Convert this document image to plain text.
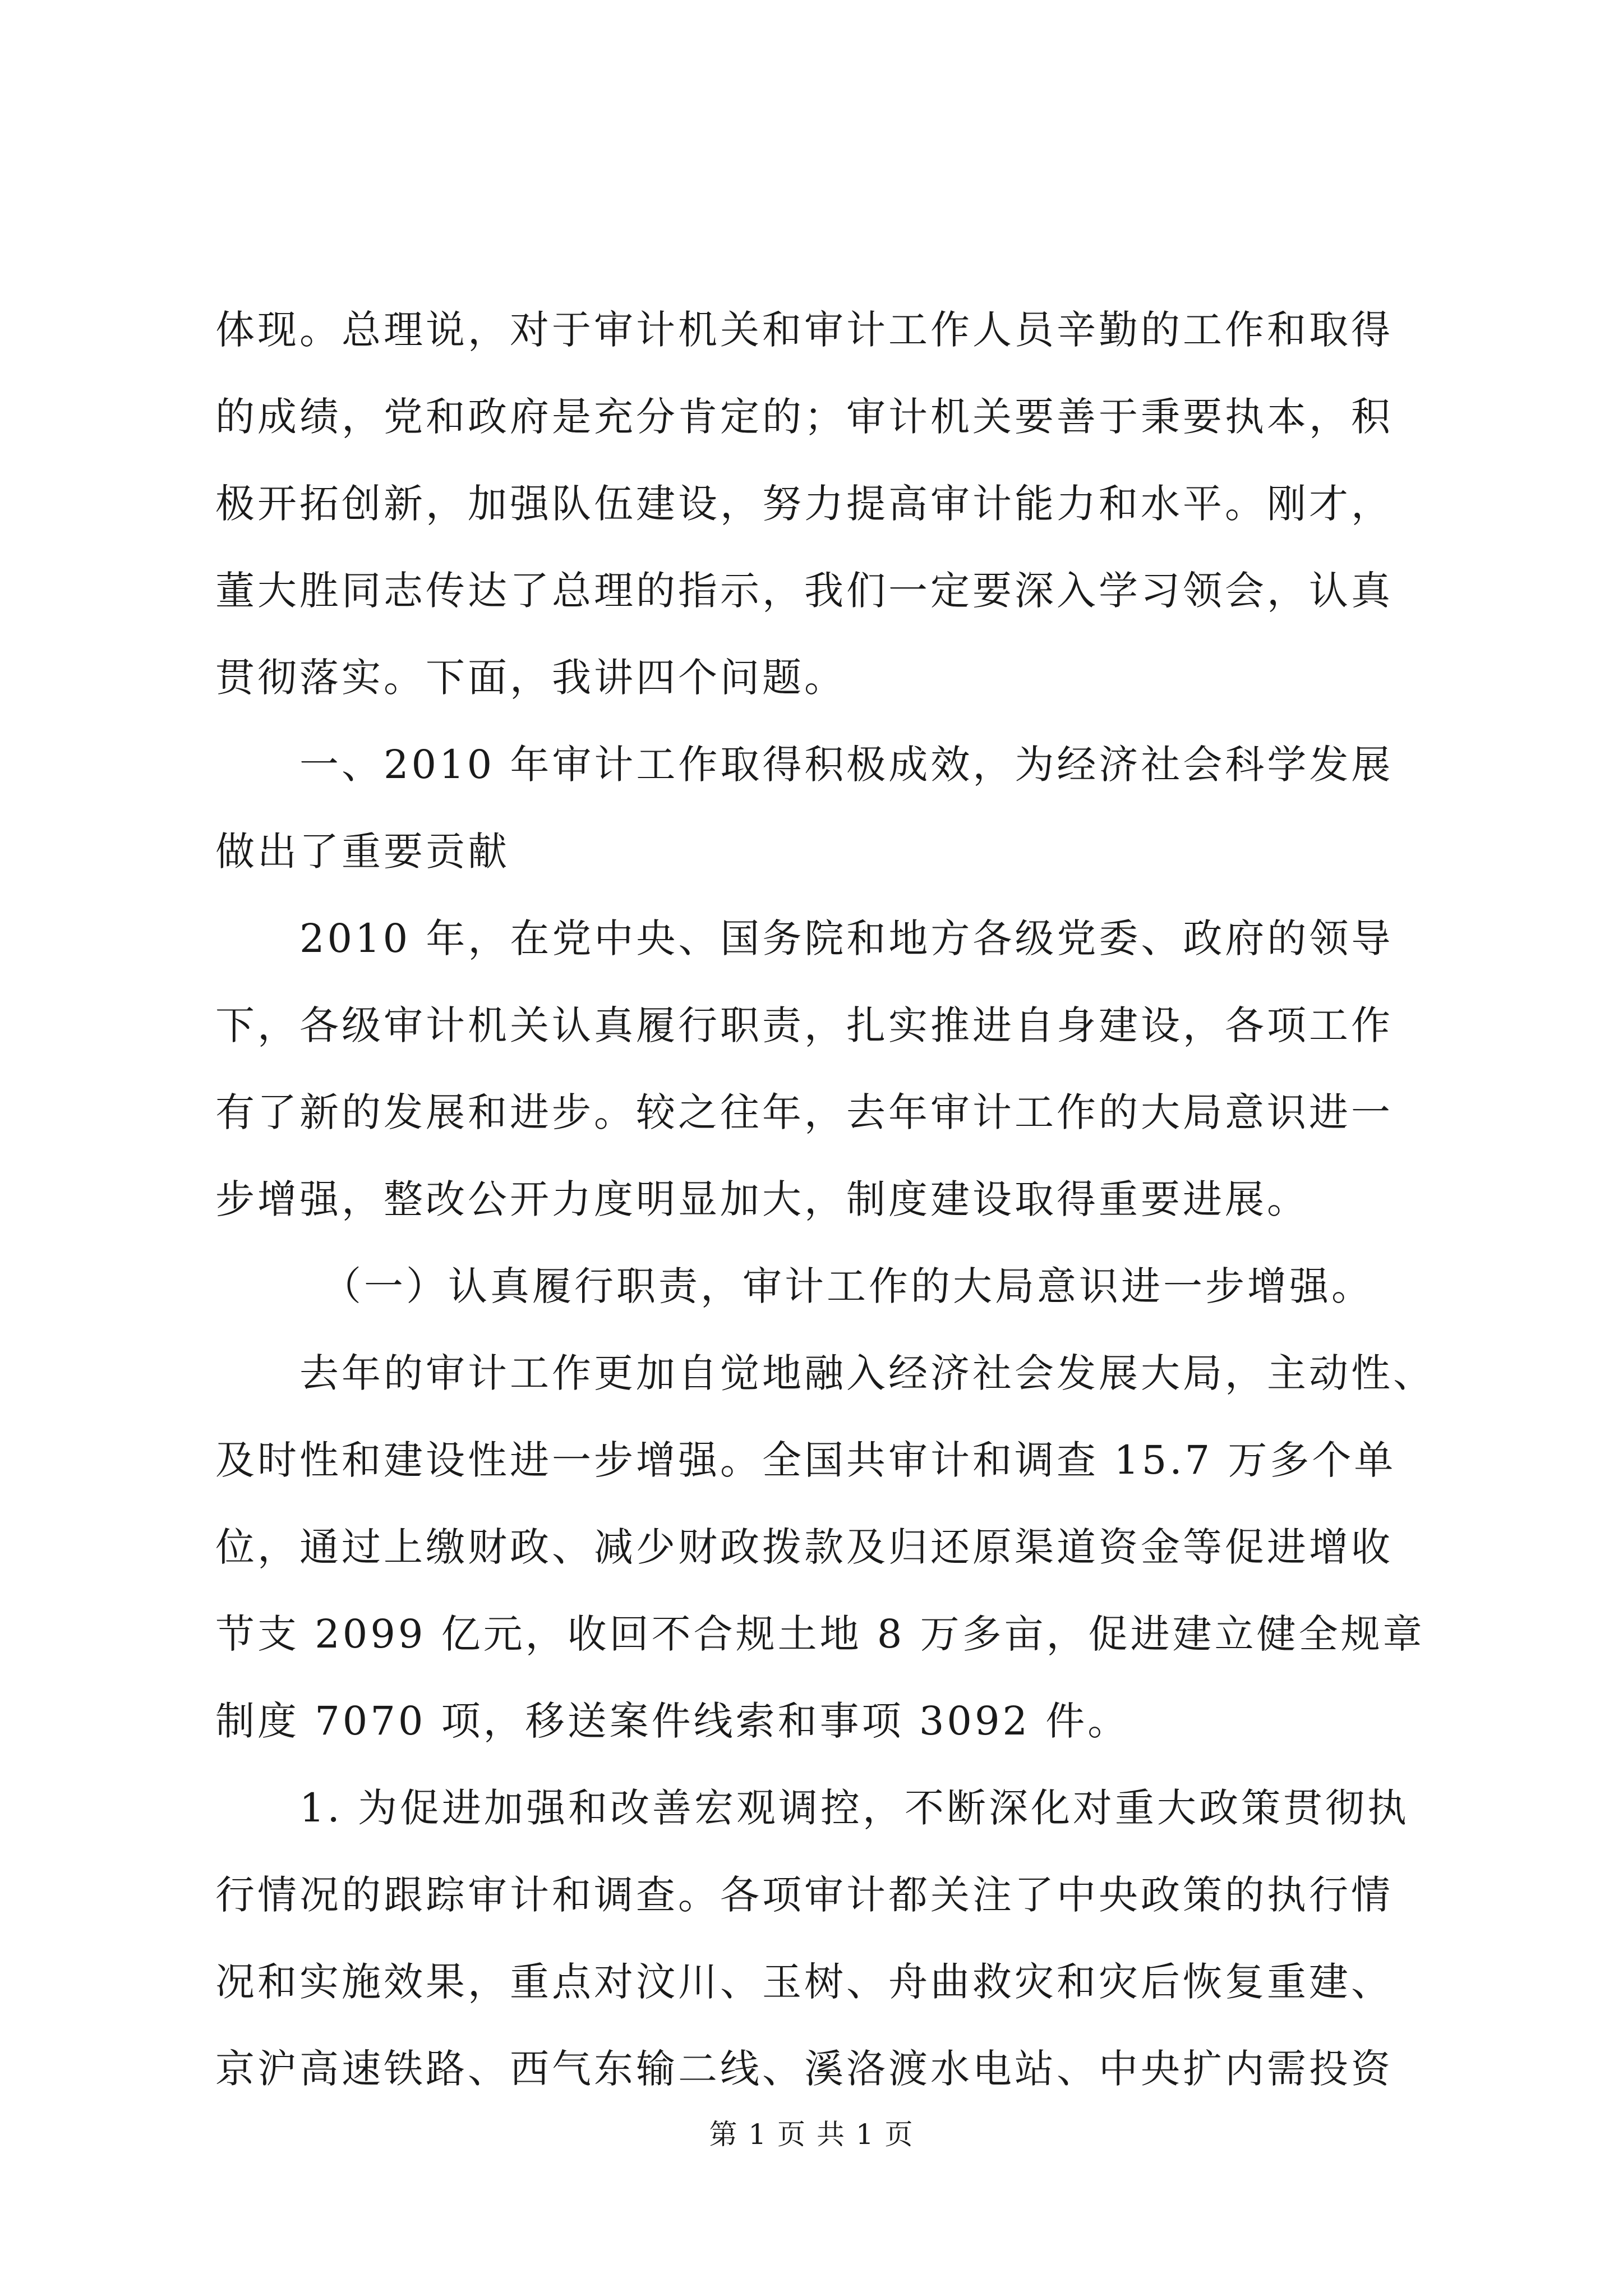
体现。总理说，对于审计机关和审计工作人员辛勤的工作和取得
的成绩，党和政府是充分肯定的；审计机关要善于秉要执本，积
极开拓创新，加强队伍建设，努力提高审计能力和水平。刚才，
董大胜同志传达了总理的指示，我们一定要深入学习领会，认真
贯彻落实。下面，我讲四个问题。
一、2010 年审计工作取得积极成效，为经济社会科学发展
做出了重要贡献
2010 年，在党中央、国务院和地方各级党委、政府的领导
下，各级审计机关认真履行职责，扎实推进自身建设，各项工作
有了新的发展和进步。较之往年，去年审计工作的大局意识进一
步增强，整改公开力度明显加大，制度建设取得重要进展。
（一）认真履行职责，审计工作的大局意识进一步增强。
去年的审计工作更加自觉地融入经济社会发展大局，主动性、
及时性和建设性进一步增强。全国共审计和调查 15.7 万多个单
位，通过上缴财政、减少财政拨款及归还原渠道资金等促进增收
节支 2099 亿元，收回不合规土地 8 万多亩，促进建立健全规章
制度 7070 项，移送案件线索和事项 3092 件。
1. 为促进加强和改善宏观调控，不断深化对重大政策贯彻执
行情况的跟踪审计和调查。各项审计都关注了中央政策的执行情
况和实施效果，重点对汶川、玉树、舟曲救灾和灾后恢复重建、
京沪高速铁路、西气东输二线、溪洛渡水电站、中央扩内需投资
第 1 页 共 1 页
